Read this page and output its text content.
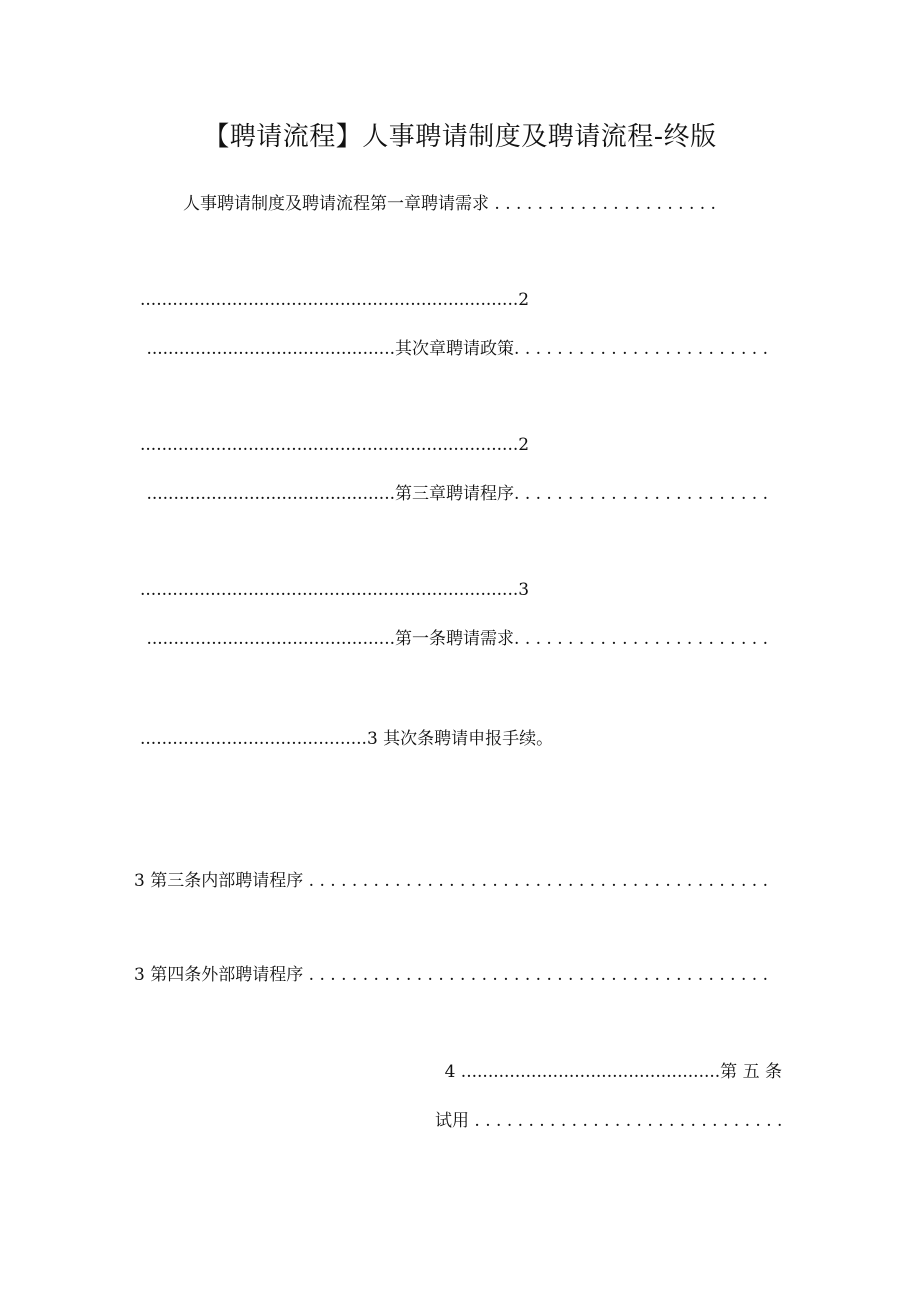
【聘请流程】人事聘请制度及聘请流程-终版
人事聘请制度及聘请流程第一章聘请需求 . . . . . . . . . . . . . . . . . . . . .
......................................................................2
..............................................其次章聘请政策. . . . . . . . . . . . . . . . . . . . . . . .
......................................................................2
..............................................第三章聘请程序. . . . . . . . . . . . . . . . . . . . . . . .
......................................................................3
..............................................第一条聘请需求. . . . . . . . . . . . . . . . . . . . . . . .
..........................................3 其次条聘请申报手续。
3 第三条内部聘请程序 . . . . . . . . . . . . . . . . . . . . . . . . . . . . . . . . . . . . . . . . . . .
3 第四条外部聘请程序 . . . . . . . . . . . . . . . . . . . . . . . . . . . . . . . . . . . . . . . . . . .
4 ................................................第 五 条
试用 . . . . . . . . . . . . . . . . . . . . . . . . . . . . .
